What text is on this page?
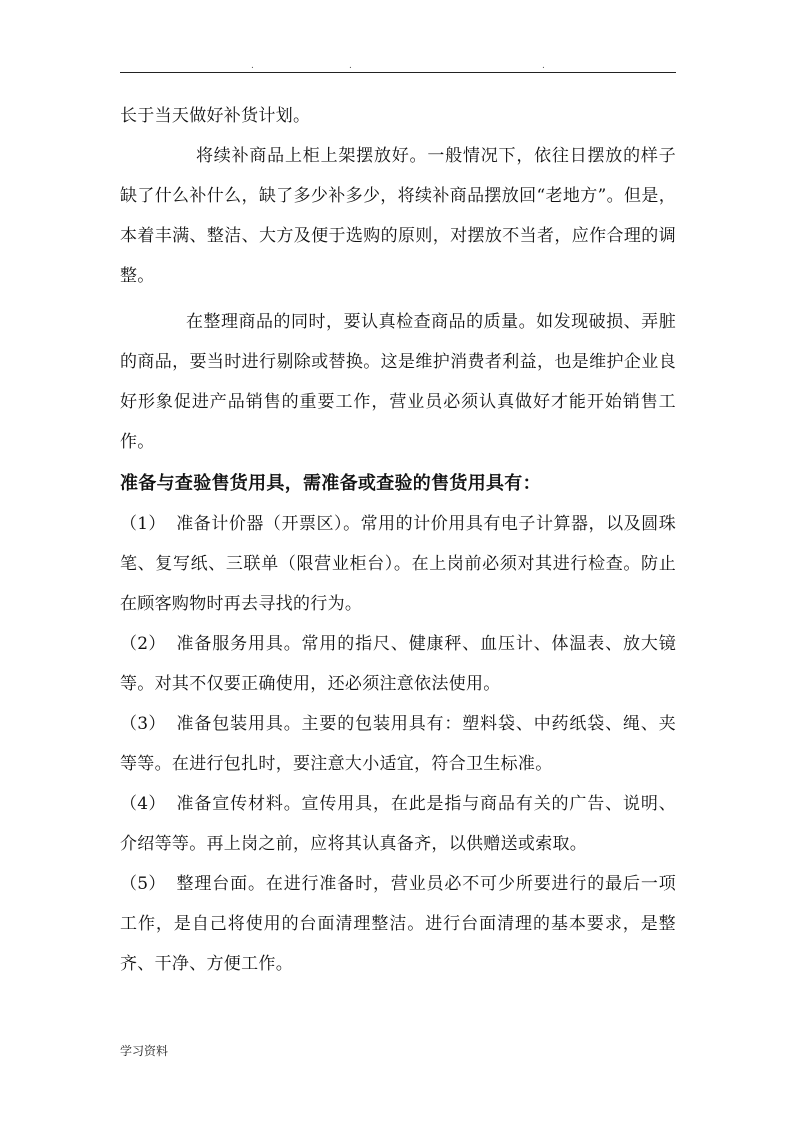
.	.	.

长于当天做好补货计划。

将续补商品上柜上架摆放好。一般情况下，依往日摆放的样子缺了什么补什么，缺了多少补多少，将续补商品摆放回“老地方”。但是，本着丰满、整洁、大方及便于选购的原则，对摆放不当者，应作合理的调整。

在整理商品的同时，要认真检查商品的质量。如发现破损、弄脏的商品，要当时进行剔除或替换。这是维护消费者利益，也是维护企业良好形象促进产品销售的重要工作，营业员必须认真做好才能开始销售工作。

准备与查验售货用具，需准备或查验的售货用具有：

（1） 准备计价器（开票区）。常用的计价用具有电子计算器，以及圆珠笔、复写纸、三联单（限营业柜台）。在上岗前必须对其进行检查。防止在顾客购物时再去寻找的行为。

（2） 准备服务用具。常用的指尺、健康秤、血压计、体温表、放大镜等。对其不仅要正确使用，还必须注意依法使用。

（3） 准备包装用具。主要的包装用具有：塑料袋、中药纸袋、绳、夹等等。在进行包扎时，要注意大小适宜，符合卫生标准。

（4） 准备宣传材料。宣传用具，在此是指与商品有关的广告、说明、介绍等等。再上岗之前，应将其认真备齐，以供赠送或索取。

（5） 整理台面。在进行准备时，营业员必不可少所要进行的最后一项工作，是自己将使用的台面清理整洁。进行台面清理的基本要求，是整齐、干净、方便工作。

学习资料
